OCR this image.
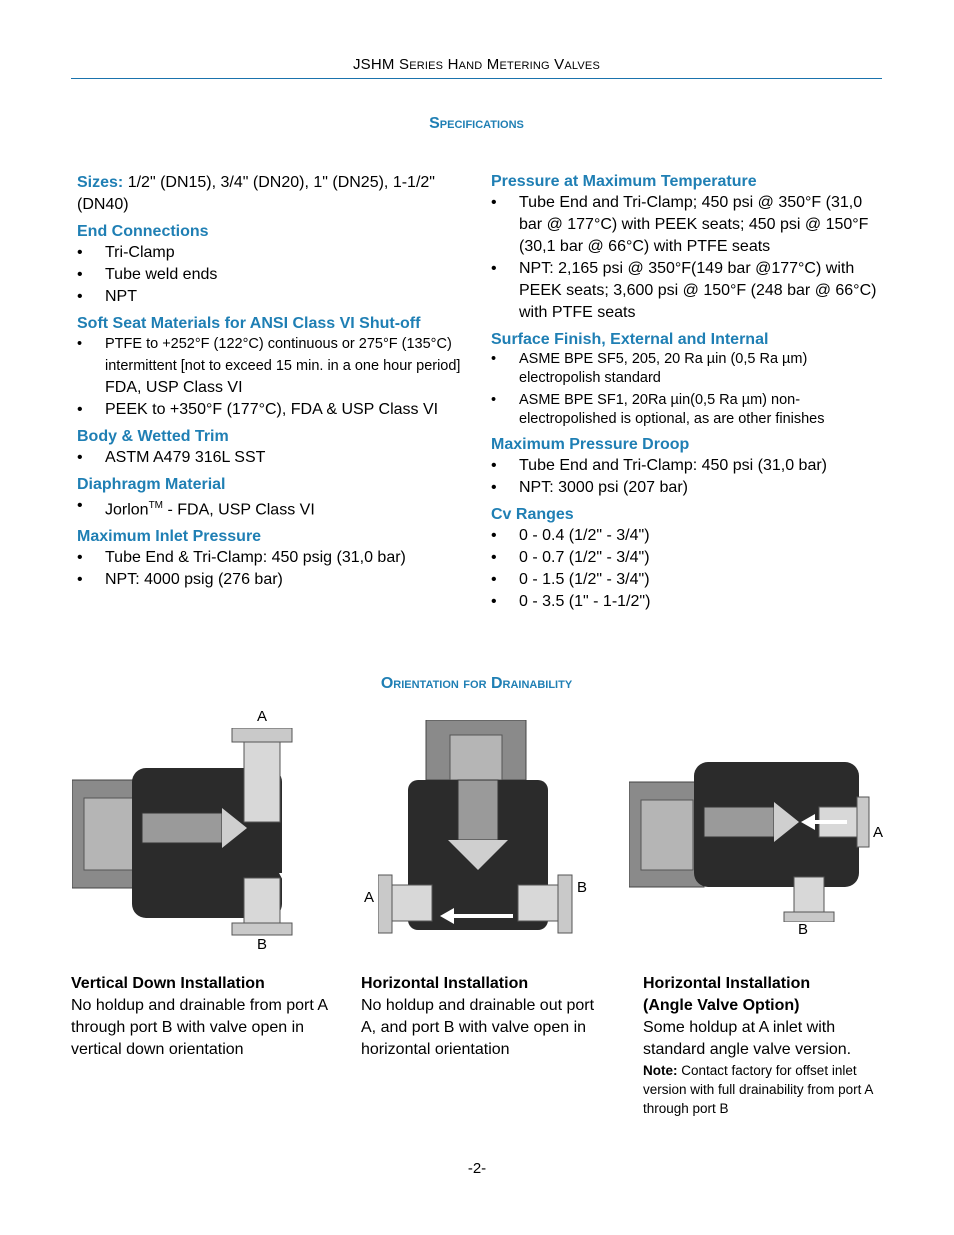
JSHM Series Hand Metering Valves
Specifications
Sizes: 1/2" (DN15), 3/4" (DN20), 1" (DN25), 1-1/2" (DN40)
End Connections
• Tri-Clamp
• Tube weld ends
• NPT
Soft Seat Materials for ANSI Class VI Shut-off
• PTFE to +252°F (122°C) continuous or 275°F (135°C) intermittent [not to exceed 15 min. in a one hour period] FDA, USP Class VI
• PEEK to +350°F (177°C), FDA & USP Class VI
Body & Wetted Trim
• ASTM A479 316L SST
Diaphragm Material
• Jorlon™ - FDA, USP Class VI
Maximum Inlet Pressure
• Tube End & Tri-Clamp: 450 psig (31,0 bar)
• NPT: 4000 psig (276 bar)
Pressure at Maximum Temperature
• Tube End and Tri-Clamp; 450 psi @ 350°F (31,0 bar @ 177°C) with PEEK seats; 450 psi @ 150°F (30,1 bar @ 66°C) with PTFE seats
• NPT: 2,165 psi @ 350°F(149 bar @177°C) with PEEK seats; 3,600 psi @ 150°F (248 bar @ 66°C) with PTFE seats
Surface Finish, External and Internal
• ASME BPE SF5, 205, 20 Ra µin (0,5 Ra µm) electropolish standard
• ASME BPE SF1, 20Ra µin(0,5 Ra µm) non-electropolished is optional, as are other finishes
Maximum Pressure Droop
• Tube End and Tri-Clamp: 450 psi (31,0 bar)
• NPT: 3000 psi (207 bar)
Cv Ranges
• 0 - 0.4 (1/2" - 3/4")
• 0 - 0.7 (1/2" - 3/4")
• 0 - 1.5 (1/2" - 3/4")
• 0 - 3.5 (1" - 1-1/2")
Orientation for Drainability
A
B
A
B
A
B
Vertical Down Installation
No holdup and drainable from port A through port B with valve open in vertical down orientation
Horizontal Installation
No holdup and drainable out port A, and port B with valve open in horizontal orientation
Horizontal Installation
(Angle Valve Option)
Some holdup at A inlet with standard angle valve version.
Note: Contact factory for offset inlet version with full drainability from port A through port B
-2-
